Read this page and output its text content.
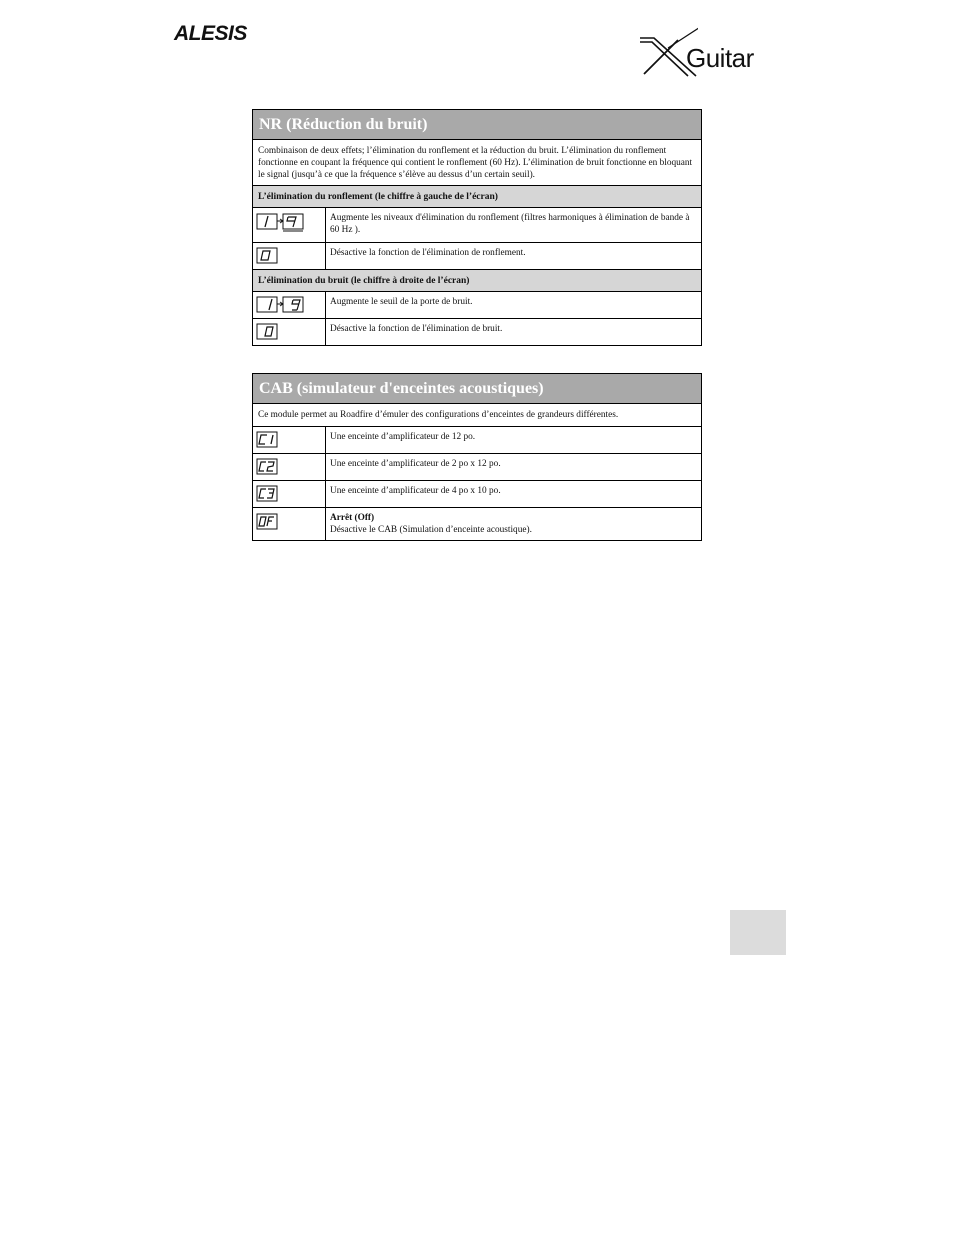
ALESIS
Guitar
NR (Réduction du bruit)
Combinaison de deux effets; l’élimination du ronflement et la réduction du bruit. L’élimination du ronflement fonctionne en coupant la fréquence qui contient le ronflement (60 Hz). L’élimination de bruit fonctionne en bloquant le signal (jusqu’à ce que la fréquence s’élève au dessus d’un certain seuil).
L’élimination du ronflement (le chiffre à gauche de l’écran)
Augmente les niveaux d'élimination du ronflement (filtres harmoniques à élimination de bande à 60 Hz ).
Désactive la fonction de l'élimination de ronflement.
L’élimination du bruit (le chiffre à droite de l’écran)
Augmente le seuil de la porte de bruit.
Désactive la fonction de l'élimination de bruit.
CAB (simulateur d'enceintes acoustiques)
Ce module permet au Roadfire d’émuler des configurations d’enceintes de grandeurs différentes.
Une enceinte d’amplificateur de 12 po.
Une enceinte d’amplificateur de 2 po x 12 po.
Une enceinte d’amplificateur de 4 po x 10 po.
Arrêt (Off)
Désactive le CAB (Simulation d’enceinte acoustique).
